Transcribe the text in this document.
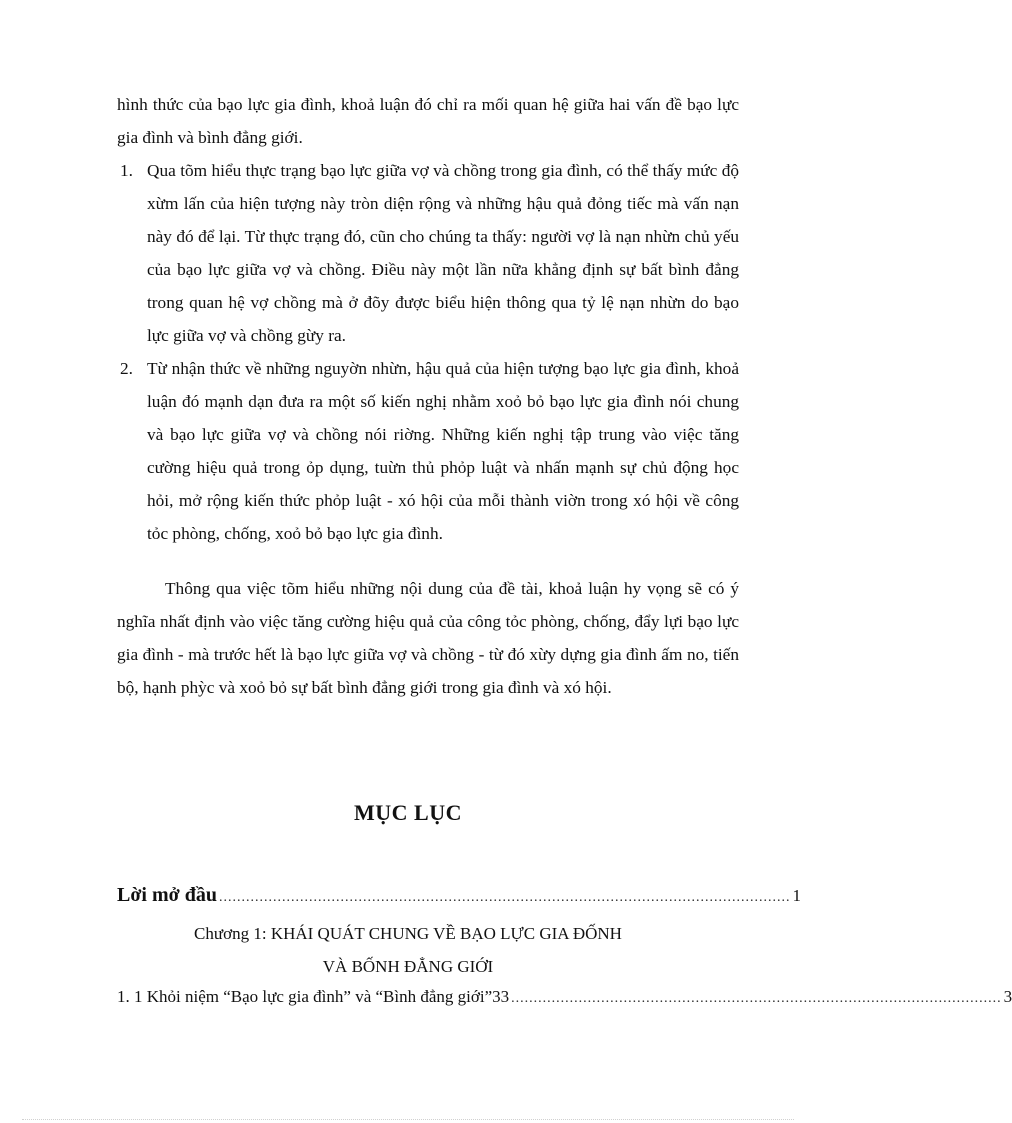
hình thức của bạo lực gia đình, khoả luận đó chỉ ra mối quan hệ giữa hai vấn đề bạo lực gia đình và bình đẳng giới.

1. Qua tõm hiểu thực trạng bạo lực giữa vợ và chồng trong gia đình, có thể thấy mức độ xừm lấn của hiện tượng này tròn diện rộng và những hậu quả đỏng tiếc mà vấn nạn này đó để lại. Từ thực trạng đó, cũn cho chúng ta thấy: người vợ là nạn nhừn chủ yếu của bạo lực giữa vợ và chồng. Điều này một lần nữa khẳng định sự bất bình đẳng trong quan hệ vợ chồng mà ở đõy được biểu hiện thông qua tỷ lệ nạn nhừn do bạo lực giữa vợ và chồng gừy ra.
2. Từ nhận thức về những nguyờn nhừn, hậu quả của hiện tượng bạo lực gia đình, khoả luận đó mạnh dạn đưa ra một số kiến nghị nhằm xoỏ bỏ bạo lực gia đình nói chung và bạo lực giữa vợ và chồng nói riờng. Những kiến nghị tập trung vào việc tăng cường hiệu quả trong ỏp dụng, tuừn thủ phỏp luật và nhấn mạnh sự chủ động học hỏi, mở rộng kiến thức phỏp luật - xó hội của mỗi thành viờn trong xó hội về công tỏc phòng, chống, xoỏ bỏ bạo lực gia đình.

Thông qua việc tõm hiểu những nội dung của đề tài, khoả luận hy vọng sẽ có ý nghĩa nhất định vào việc tăng cường hiệu quả của công tỏc phòng, chống, đẩy lựi bạo lực gia đình - mà trước hết là bạo lực giữa vợ và chồng - từ đó xừy dựng gia đình ấm no, tiến bộ, hạnh phỳc và xoỏ bỏ sự bất bình đẳng giới trong gia đình và xó hội.

MỤC LỤC
Lời mở đầu ............................................................................................................................... 1

Chương 1: KHÁI QUÁT CHUNG VỀ BẠO LỰC GIA ĐỐNH

VÀ BỐNH ĐẲNG GIỚI

1. 1 Khỏi niệm “Bạo lực gia đình” và “Bình đẳng giới”33 ............................................................................................................. 3
